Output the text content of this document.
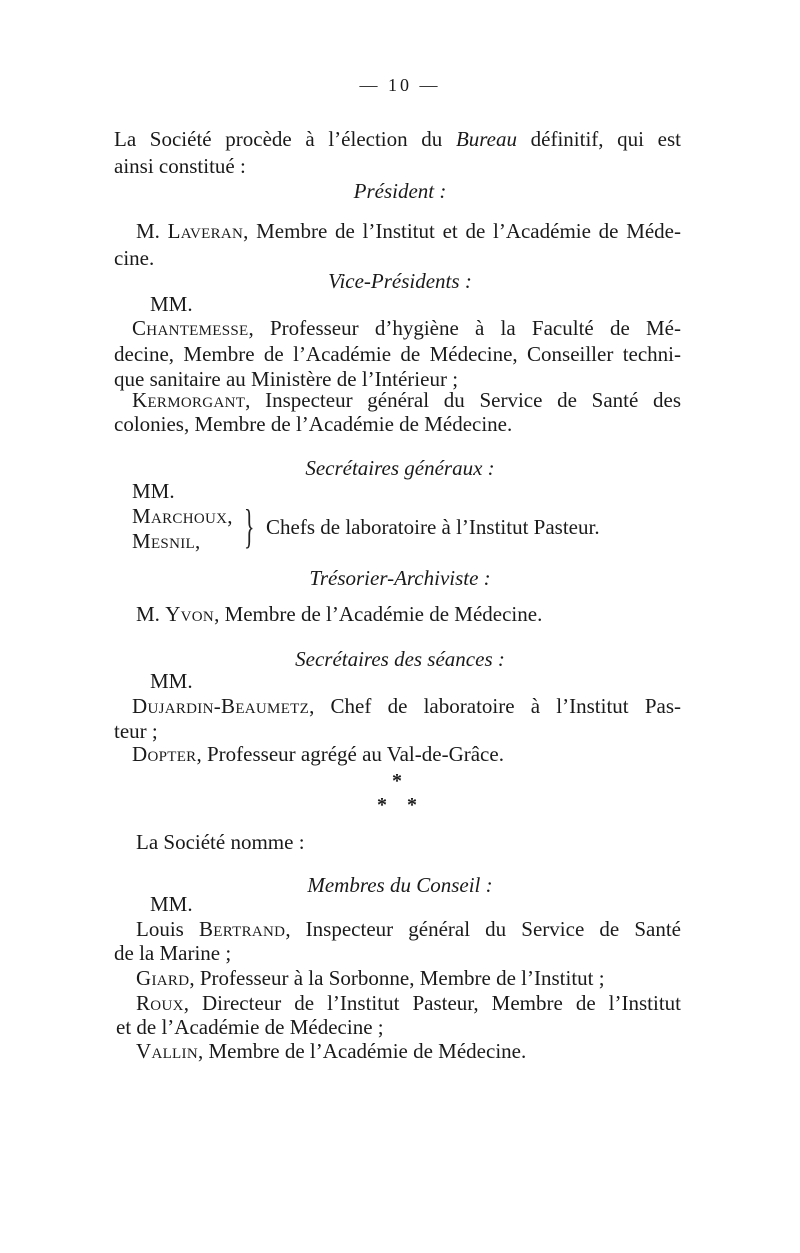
— 10 —
La Société procède à l’élection du Bureau définitif, qui est
ainsi constitué :
Président :
M. Laveran, Membre de l’Institut et de l’Académie de Méde-
cine.
Vice-Présidents :
MM.
Chantemesse, Professeur d’hygiène à la Faculté de Mé-
decine, Membre de l’Académie de Médecine, Conseiller techni-
que sanitaire au Ministère de l’Intérieur ;
Kermorgant, Inspecteur général du Service de Santé des
colonies, Membre de l’Académie de Médecine.
Secrétaires généraux :
MM.
Marchoux,
Mesnil, } Chefs de laboratoire à l’Institut Pasteur.
Trésorier-Archiviste :
M. Yvon, Membre de l’Académie de Médecine.
Secrétaires des séances :
MM.
Dujardin-Beaumetz, Chef de laboratoire à l’Institut Pas-
teur ;
Dopter, Professeur agrégé au Val-de-Grâce.
*
* *
La Société nomme :
Membres du Conseil :
MM.
Louis Bertrand, Inspecteur général du Service de Santé
de la Marine ;
Giard, Professeur à la Sorbonne, Membre de l’Institut ;
Roux, Directeur de l’Institut Pasteur, Membre de l’Institut
et de l’Académie de Médecine ;
Vallin, Membre de l’Académie de Médecine.
